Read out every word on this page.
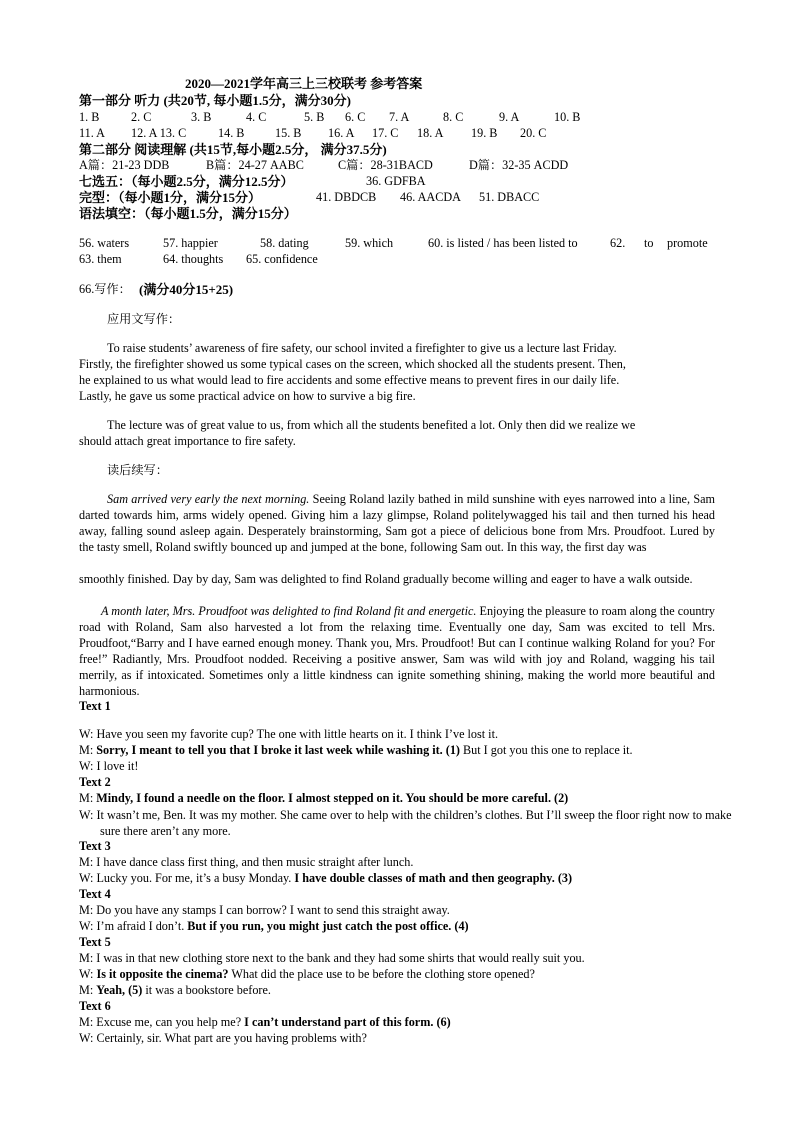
2020—2021学年高三上三校联考 参考答案
第一部分 听力 (共20节, 每小题1.5分，满分30分)
1. B	2. C	3. B	4. C	5. B 6. C 7. A	8. C	9. A	10. B
11. A 12. A 13. C	14. B	15. B 16. A 17. C 18. A 19. B 20. C
第二部分 阅读理解 (共15节,每小题2.5分， 满分37.5分)
A篇：21-23 DDB	B篇：24-27 AABC	C篇：28-31BACD	D篇：32-35 ACDD
七选五：（每小题2.5分，满分12.5分）	36. GDFBA
完型：（每小题1分，满分15分）	41. DBDCB 46. AACDA 51. DBACC
语法填空：（每小题1.5分，满分15分）
56. waters	57. happier	58. dating	59. which	60. is listed / has been listed to	62. to promote
63. them	64. thoughts 65. confidence
66.写作： (满分40分15+25)
应用文写作：
To raise students’ awareness of fire safety, our school invited a firefighter to give us a lecture last Friday.
Firstly, the firefighter showed us some typical cases on the screen, which shocked all the students present. Then,
he explained to us what would lead to fire accidents and some effective means to prevent fires in our daily life.
Lastly, he gave us some practical advice on how to survive a big fire.
The lecture was of great value to us, from which all the students benefited a lot. Only then did we realize we
should attach great importance to fire safety.
读后续写：
Sam arrived very early the next morning. Seeing Roland lazily bathed in mild sunshine with eyes narrowed into a line, Sam darted towards him, arms widely opened. Giving him a lazy glimpse, Roland politelywagged his tail and then turned his head away, falling sound asleep again. Desperately brainstorming, Sam got a piece of delicious bone from Mrs. Proudfoot. Lured by the tasty smell, Roland swiftly bounced up and jumped at the bone, following Sam out. In this way, the first day was
smoothly finished. Day by day, Sam was delighted to find Roland gradually become willing and eager to have a walk outside.
A month later, Mrs. Proudfoot was delighted to find Roland fit and energetic. Enjoying the pleasure to roam along the country road with Roland, Sam also harvested a lot from the relaxing time. Eventually one day, Sam was excited to tell Mrs. Proudfoot,“Barry and I have earned enough money. Thank you, Mrs. Proudfoot! But can I continue walking Roland for you? For free!” Radiantly, Mrs. Proudfoot nodded. Receiving a positive answer, Sam was wild with joy and Roland, wagging his tail merrily, as if intoxicated. Sometimes only a little kindness can ignite something shining, making the world more beautiful and harmonious.
Text 1
W: Have you seen my favorite cup? The one with little hearts on it. I think I’ve lost it.
M: Sorry, I meant to tell you that I broke it last week while washing it. (1) But I got you this one to replace it.
W: I love it!
Text 2
M: Mindy, I found a needle on the floor. I almost stepped on it. You should be more careful. (2)
W: It wasn’t me, Ben. It was my mother. She came over to help with the children’s clothes. But I’ll sweep the floor right now to make sure there aren’t any more.
Text 3
M: I have dance class first thing, and then music straight after lunch.
W: Lucky you. For me, it’s a busy Monday. I have double classes of math and then geography. (3)
Text 4
M: Do you have any stamps I can borrow? I want to send this straight away.
W: I’m afraid I don’t. But if you run, you might just catch the post office. (4)
Text 5
M: I was in that new clothing store next to the bank and they had some shirts that would really suit you.
W: Is it opposite the cinema? What did the place use to be before the clothing store opened?
M: Yeah, (5) it was a bookstore before.
Text 6
M: Excuse me, can you help me? I can’t understand part of this form. (6)
W: Certainly, sir. What part are you having problems with?
